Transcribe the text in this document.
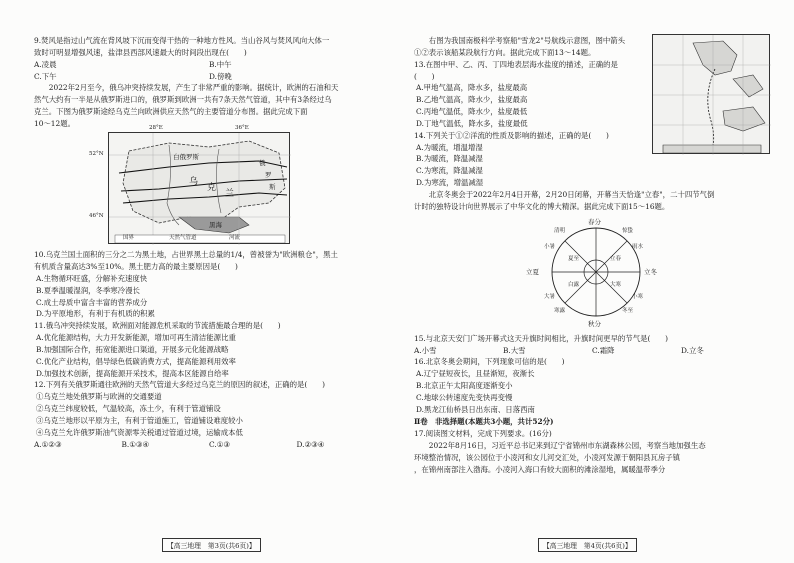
9.焚风是指过山气流在背风坡下沉而变得干热的一种地方性风。当山谷风与焚风风向大体一
致时可明显增强风速，盐津县西部风速最大的时间段出现在(　　)
A.凌晨	B.中午
C.下午	D.傍晚
2022年2月至今，俄乌冲突持续发展，产生了非常严重的影响。据统计，欧洲的石油和天
然气大约有一半是从俄罗斯进口的，俄罗斯到欧洲一共有7条天然气管道，其中有3条经过乌
克兰。下图为俄罗斯途经乌克兰向欧洲供应天然气的主要管道分布图。据此完成下面
10～12题。
28°E	36°E
52°N
46°N
白俄罗斯
俄
罗
斯
乌
克
兰
黑海
国界	天然气管道	河流
10.乌克兰国土面积的三分之二为黑土地，占世界黑土总量的1/4，曾被誉为"欧洲粮仓"，黑土
有机质含量高达3%至10%。黑土肥力高的最主要原因是(　　)
A.生物循环旺盛，分解补充速度快
B.夏季温暖湿润，冬季寒冷漫长
C.成土母质中富含丰富的营养成分
D.为平原地形，有利于有机质的积累
11.俄乌冲突持续发展，欧洲面对能源危机采取的节流措施最合理的是(　　)
A.优化能源结构，大力开发新能源，增加可再生清洁能源比重
B.加强国际合作，拓宽能源进口渠道，开展多元化能源战略
C.优化产业结构，倡导绿色低碳消费方式，提高能源利用效率
D.加强技术创新，提高能源开采技术，提高本区能源自给率
12.下列有关俄罗斯通往欧洲的天然气管道大多经过乌克兰的原因的叙述，正确的是(　　)
①乌克兰地处俄罗斯与欧洲的交通要道
②乌克兰纬度较低，气温较高，冻土少，有利于管道铺设
③乌克兰地形以平原为主，有利于管道施工，管道铺设难度较小
④乌克兰允许俄罗斯油气资源零关税通过管道过境，运输成本低
A.①②③	B.①③④	C.①③	D.②③④
【高三地理　第3页(共6页)】
右图为我国南极科学考察船"雪龙2"号航线示意图，图中箭头
①②表示该船某段航行方向。据此完成下面13～14题。
13.在图中甲、乙、丙、丁四地表层海水盐度的描述，正确的是
(　　)
A.甲地气温高，降水多，盐度最高
B.乙地气温高，降水少，盐度最高
C.丙地气温低，降水少，盐度最低
D.丁地气温低，降水多，盐度最低
14.下列关于①②洋流的性质及影响的描述，正确的是(　　)
A.为暖流，增温增湿
B.为暖流，降温减湿
C.为寒流，降温减湿
D.为寒流，增温减湿
北京冬奥会于2022年2月4日开幕，2月20日闭幕，开幕当天恰逢"立春"，二十四节气倒
计时的独特设计向世界展示了中华文化的博大精深。据此完成下面15～16题。
春分
秋分
立夏	立冬
清明	惊蛰
雨水
立春
大寒
小寒
冬至
夏至
小暑
大暑
白露
寒露
15.与北京天安门广场开幕式这天升旗时间相比，升旗时间更早的节气是(　　)
A.小雪	B.大雪	C.霜降	D.立冬
16.北京冬奥会期间，下列现象可信的是(　　)
A.辽宁昼短夜长，且昼渐短，夜渐长
B.北京正午太阳高度逐渐变小
C.地球公转速度先变快再变慢
D.黑龙江仙桥县日出东南、日落西南
Ⅱ卷　非选择题(本题共3小题，共计52分)
17.阅读图文材料，完成下列要求。(16分)
2022年8月16日，习近平总书记来到辽宁省锦州市东湖森林公园，考察当地加强生态
环境整治情况，该公园位于小凌河和女儿河交汇处，小凌河发源于朝阳县瓦房子镇
，在锦州南部注入渤海。小凌河入海口有较大面积的滩涂湿地，属暖温带季分
【高三地理　第4页(共6页)】
